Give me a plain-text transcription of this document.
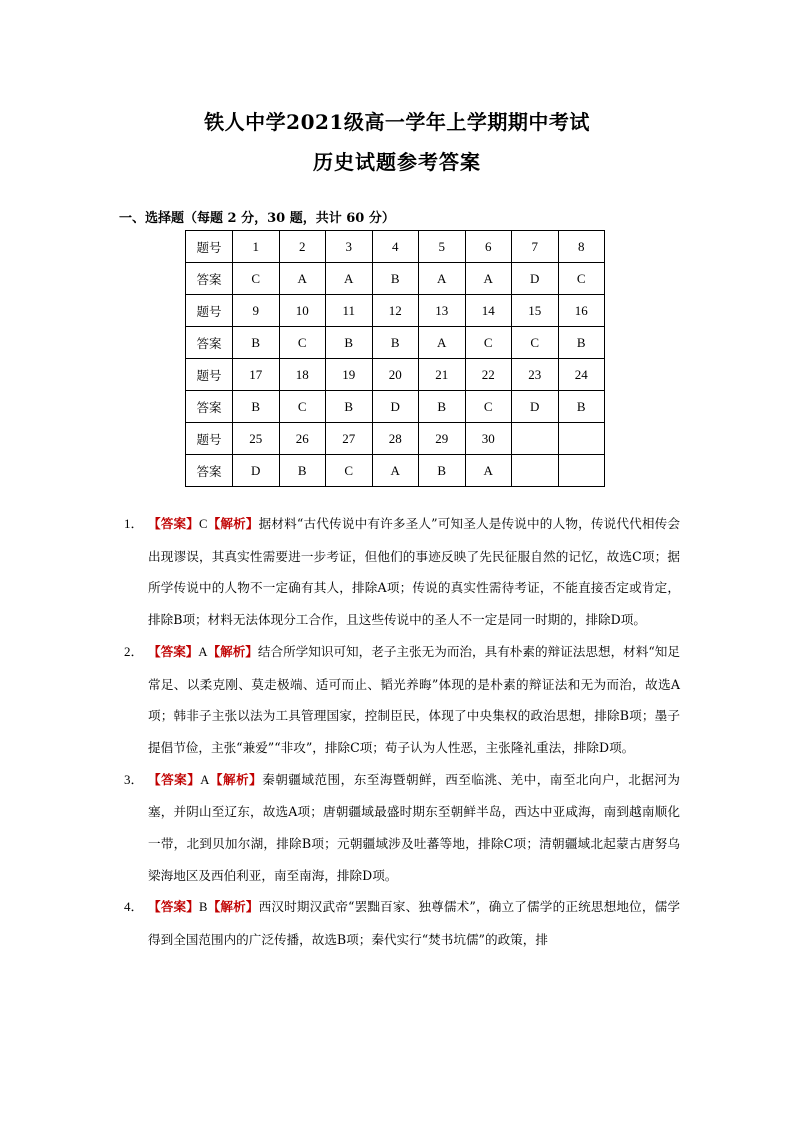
铁人中学2021级高一学年上学期期中考试
历史试题参考答案
一、选择题（每题 2 分，30 题，共计 60 分）
题号	1	2	3	4	5	6	7	8
答案	C	A	A	B	A	A	D	C
题号	9	10	11	12	13	14	15	16
答案	B	C	B	B	A	C	C	B
题号	17	18	19	20	21	22	23	24
答案	B	C	B	D	B	C	D	B
题号	25	26	27	28	29	30		
答案	D	B	C	A	B	A		
1． 【答案】C【解析】据材料“古代传说中有许多圣人”可知圣人是传说中的人物，传说代代相传会出现谬误，其真实性需要进一步考证，但他们的事迹反映了先民征服自然的记忆，故选C项；据所学传说中的人物不一定确有其人，排除A项；传说的真实性需待考证，不能直接否定或肯定，排除B项；材料无法体现分工合作，且这些传说中的圣人不一定是同一时期的，排除D项。
2． 【答案】A【解析】结合所学知识可知，老子主张无为而治，具有朴素的辩证法思想，材料“知足常足、以柔克刚、莫走极端、适可而止、韬光养晦”体现的是朴素的辩证法和无为而治，故选A项；韩非子主张以法为工具管理国家，控制臣民，体现了中央集权的政治思想，排除B项；墨子提倡节俭，主张“兼爱”“非攻”，排除C项；荀子认为人性恶，主张隆礼重法，排除D项。
3． 【答案】A【解析】秦朝疆域范围，东至海暨朝鲜，西至临洮、羌中，南至北向户，北据河为塞，并阴山至辽东，故选A项；唐朝疆域最盛时期东至朝鲜半岛，西达中亚咸海，南到越南顺化一带，北到贝加尔湖，排除B项；元朝疆域涉及吐蕃等地，排除C项；清朝疆域北起蒙古唐努乌梁海地区及西伯利亚，南至南海，排除D项。
4． 【答案】B【解析】西汉时期汉武帝“罢黜百家、独尊儒术”，确立了儒学的正统思想地位，儒学得到全国范围内的广泛传播，故选B项；秦代实行“焚书坑儒”的政策，排
